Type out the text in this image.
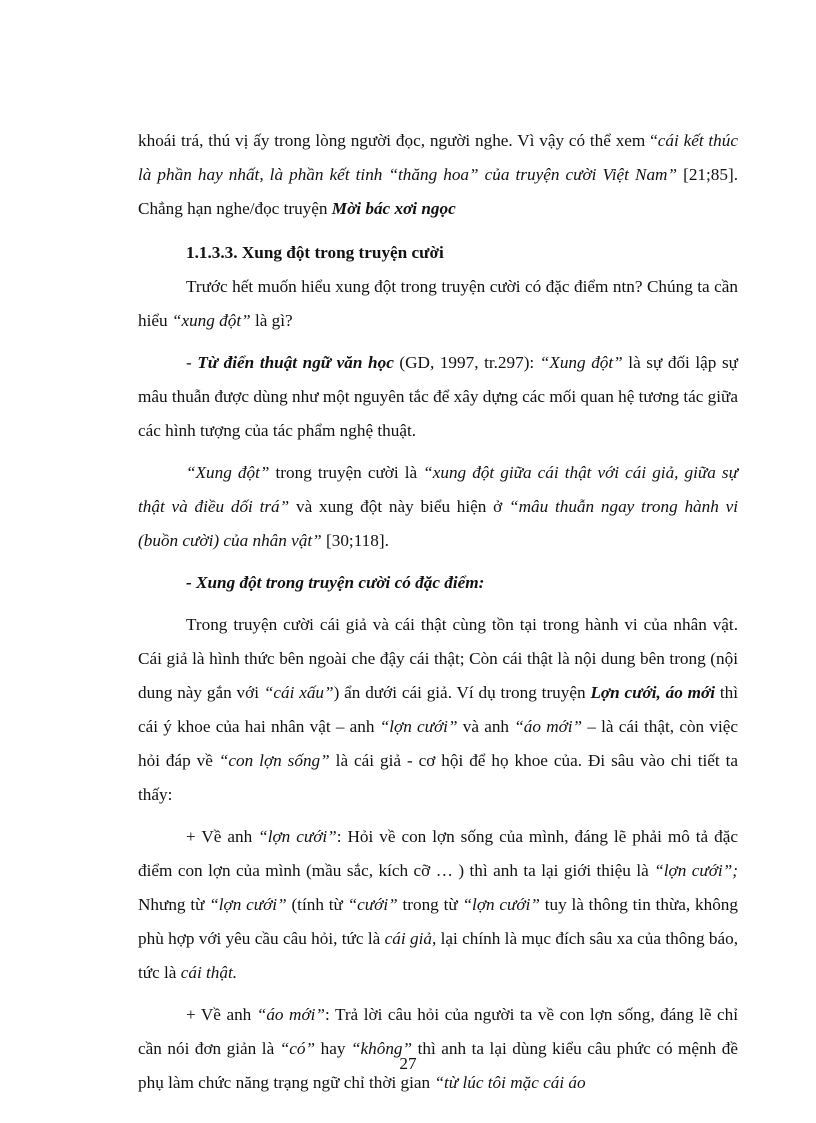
khoái trá, thú vị ấy trong lòng người đọc, người nghe. Vì vậy có thể xem “cái kết thúc là phần hay nhất, là phần kết tinh “thăng hoa” của truyện cười Việt Nam” [21;85]. Chẳng hạn nghe/đọc truyện Mời bác xơi ngọc

1.1.3.3. Xung đột trong truyện cười

Trước hết muốn hiểu xung đột trong truyện cười có đặc điểm ntn? Chúng ta cần hiểu “xung đột” là gì?

- Từ điển thuật ngữ văn học (GD, 1997, tr.297): “Xung đột” là sự đối lập sự mâu thuẫn được dùng như một nguyên tắc để xây dựng các mối quan hệ tương tác giữa các hình tượng của tác phẩm nghệ thuật.

“Xung đột” trong truyện cười là “xung đột giữa cái thật với cái giả, giữa sự thật và điều dối trá” và xung đột này biểu hiện ở “mâu thuẫn ngay trong hành vi (buồn cười) của nhân vật” [30;118].

- Xung đột trong truyện cười có đặc điểm:

Trong truyện cười cái giả và cái thật cùng tồn tại trong hành vi của nhân vật. Cái giả là hình thức bên ngoài che đậy cái thật; Còn cái thật là nội dung bên trong (nội dung này gắn với “cái xấu”) ẩn dưới cái giả. Ví dụ trong truyện Lợn cưới, áo mới thì cái ý khoe của hai nhân vật – anh “lợn cưới” và anh “áo mới” – là cái thật, còn việc hỏi đáp về “con lợn sống” là cái giả - cơ hội để họ khoe của. Đi sâu vào chi tiết ta thấy:

+ Về anh “lợn cưới”: Hỏi về con lợn sống của mình, đáng lẽ phải mô tả đặc điểm con lợn của mình (mầu sắc, kích cỡ … ) thì anh ta lại giới thiệu là “lợn cưới”; Nhưng từ “lợn cưới” (tính từ “cưới” trong từ “lợn cưới” tuy là thông tin thừa, không phù hợp với yêu cầu câu hỏi, tức là cái giả, lại chính là mục đích sâu xa của thông báo, tức là cái thật.

+ Về anh “áo mới”: Trả lời câu hỏi của người ta về con lợn sống, đáng lẽ chỉ cần nói đơn giản là “có” hay “không” thì anh ta lại dùng kiểu câu phức có mệnh đề phụ làm chức năng trạng ngữ chỉ thời gian “từ lúc tôi mặc cái áo

27
